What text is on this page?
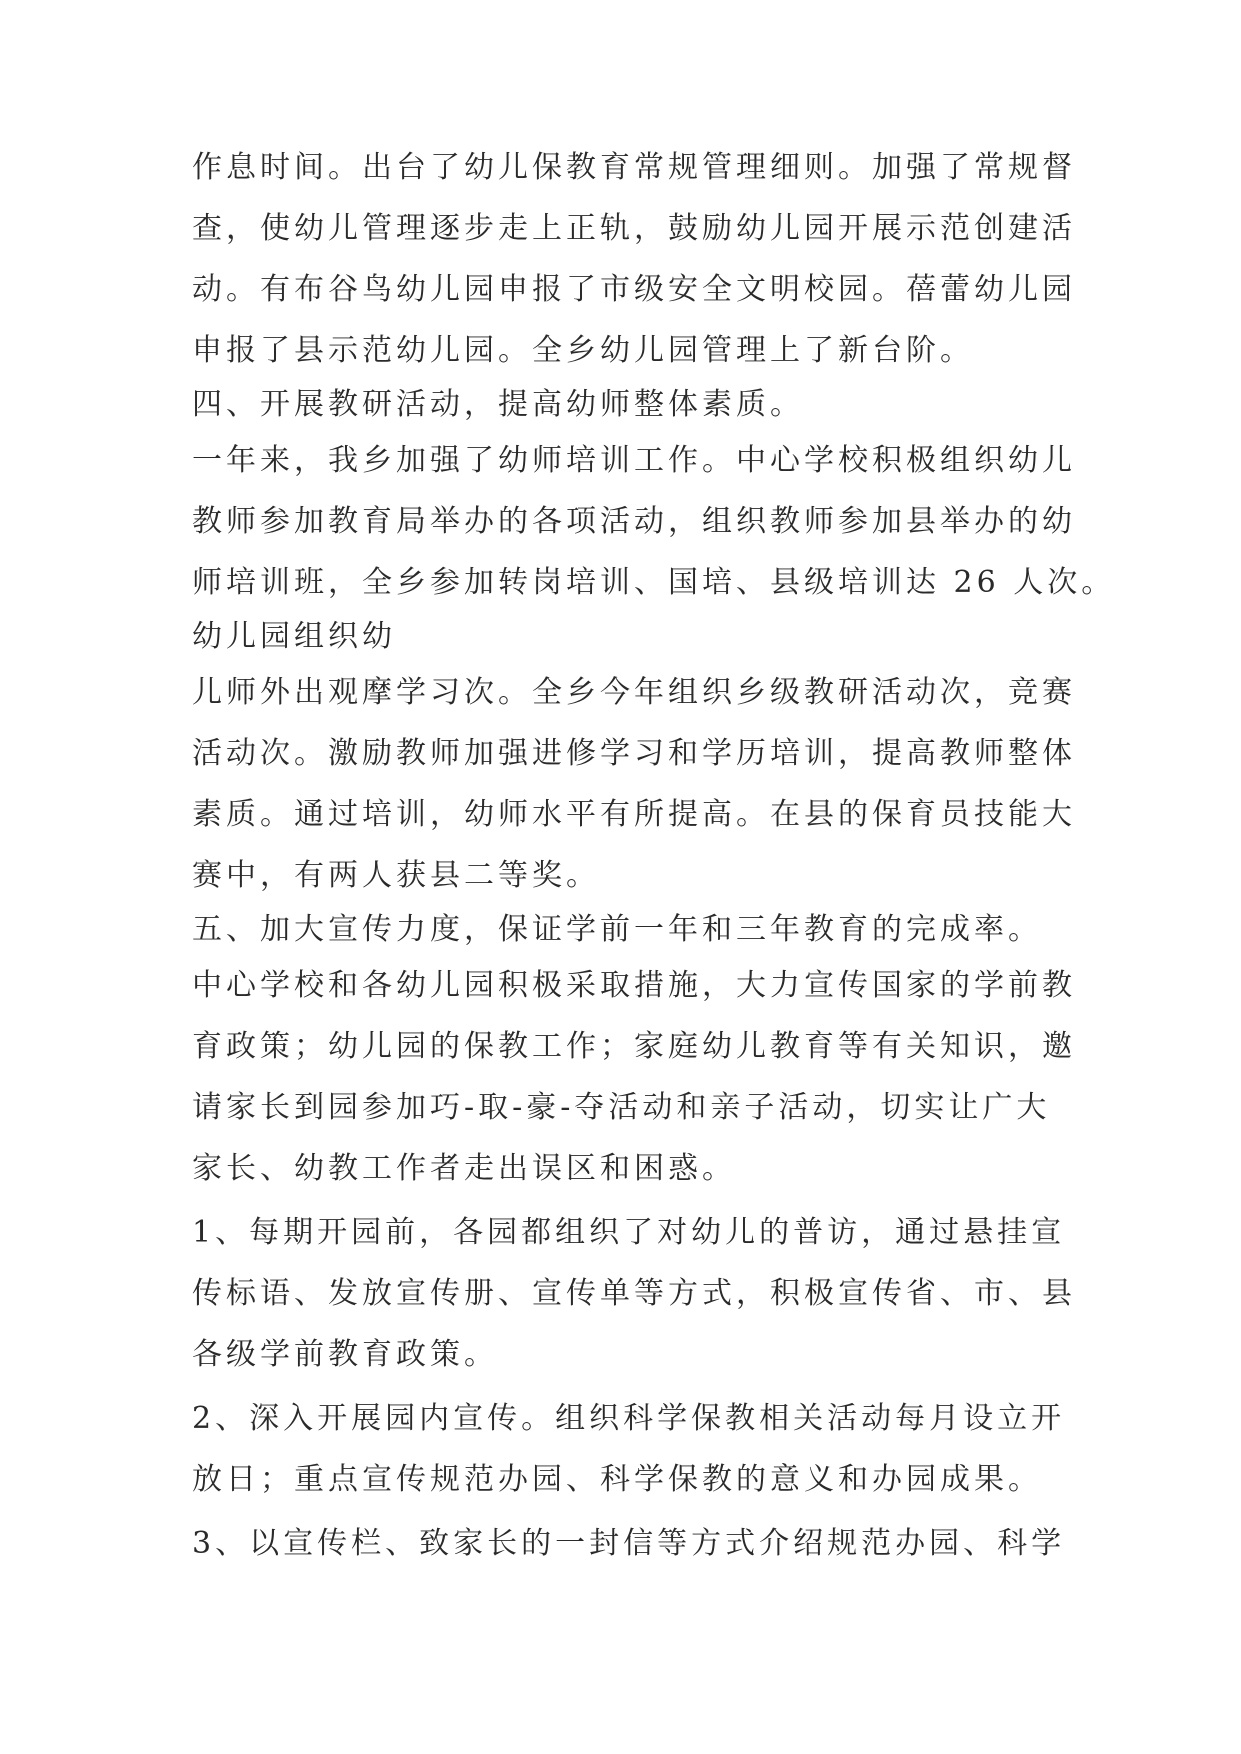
作息时间。出台了幼儿保教育常规管理细则。加强了常规督
查，使幼儿管理逐步走上正轨，鼓励幼儿园开展示范创建活
动。有布谷鸟幼儿园申报了市级安全文明校园。蓓蕾幼儿园
申报了县示范幼儿园。全乡幼儿园管理上了新台阶。
四、开展教研活动，提高幼师整体素质。
一年来，我乡加强了幼师培训工作。中心学校积极组织幼儿
教师参加教育局举办的各项活动，组织教师参加县举办的幼
师培训班，全乡参加转岗培训、国培、县级培训达 26 人次。
幼儿园组织幼
儿师外出观摩学习次。全乡今年组织乡级教研活动次，竞赛
活动次。激励教师加强进修学习和学历培训，提高教师整体
素质。通过培训，幼师水平有所提高。在县的保育员技能大
赛中，有两人获县二等奖。
五、加大宣传力度，保证学前一年和三年教育的完成率。
中心学校和各幼儿园积极采取措施，大力宣传国家的学前教
育政策；幼儿园的保教工作；家庭幼儿教育等有关知识，邀
请家长到园参加巧-取-豪-夺活动和亲子活动，切实让广大
家长、幼教工作者走出误区和困惑。
1、每期开园前，各园都组织了对幼儿的普访，通过悬挂宣
传标语、发放宣传册、宣传单等方式，积极宣传省、市、县
各级学前教育政策。
2、深入开展园内宣传。组织科学保教相关活动每月设立开
放日；重点宣传规范办园、科学保教的意义和办园成果。
3、以宣传栏、致家长的一封信等方式介绍规范办园、科学
